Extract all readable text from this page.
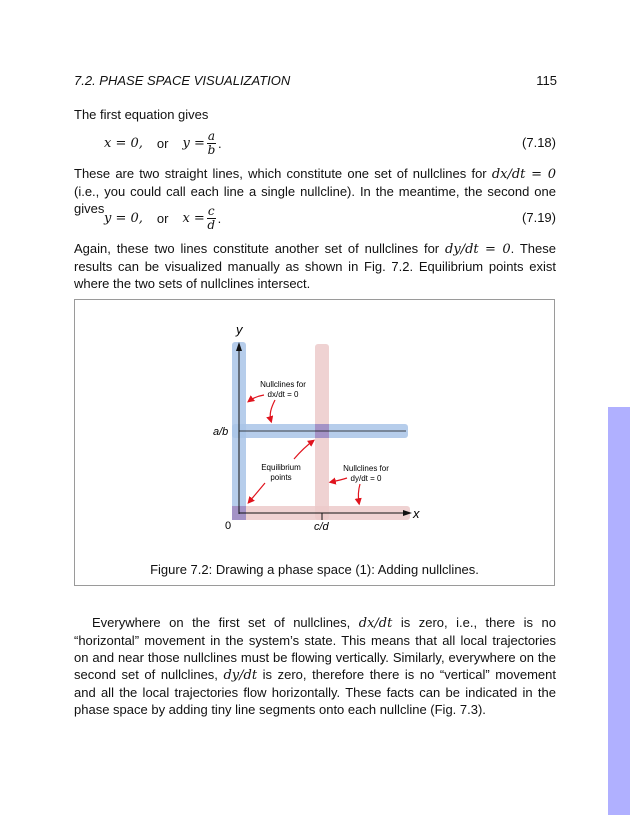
7.2. PHASE SPACE VISUALIZATION	115
The first equation gives
x = 0, or $y = \frac{a}{b}$ .	(7.18)
These are two straight lines, which constitute one set of nullclines for dx/dt = 0 (i.e., you could call each line a single nullcline). In the meantime, the second one gives
y = 0, or $x = \frac{c}{d}$ .	(7.19)
Again, these two lines constitute another set of nullclines for dy/dt = 0. These results can be visualized manually as shown in Fig. 7.2. Equilibrium points exist where the two sets of nullclines intersect.
y
x
0
a/b
c/d
Nullclines for
dx/dt = 0
Equilibrium
points
Nullclines for
dy/dt = 0
Figure 7.2: Drawing a phase space (1): Adding nullclines.
Everywhere on the first set of nullclines, dx/dt is zero, i.e., there is no “horizontal” movement in the system’s state. This means that all local trajectories on and near those nullclines must be flowing vertically. Similarly, everywhere on the second set of nullclines, dy/dt is zero, therefore there is no “vertical” movement and all the local trajectories flow horizontally. These facts can be indicated in the phase space by adding tiny line segments onto each nullcline (Fig. 7.3).
